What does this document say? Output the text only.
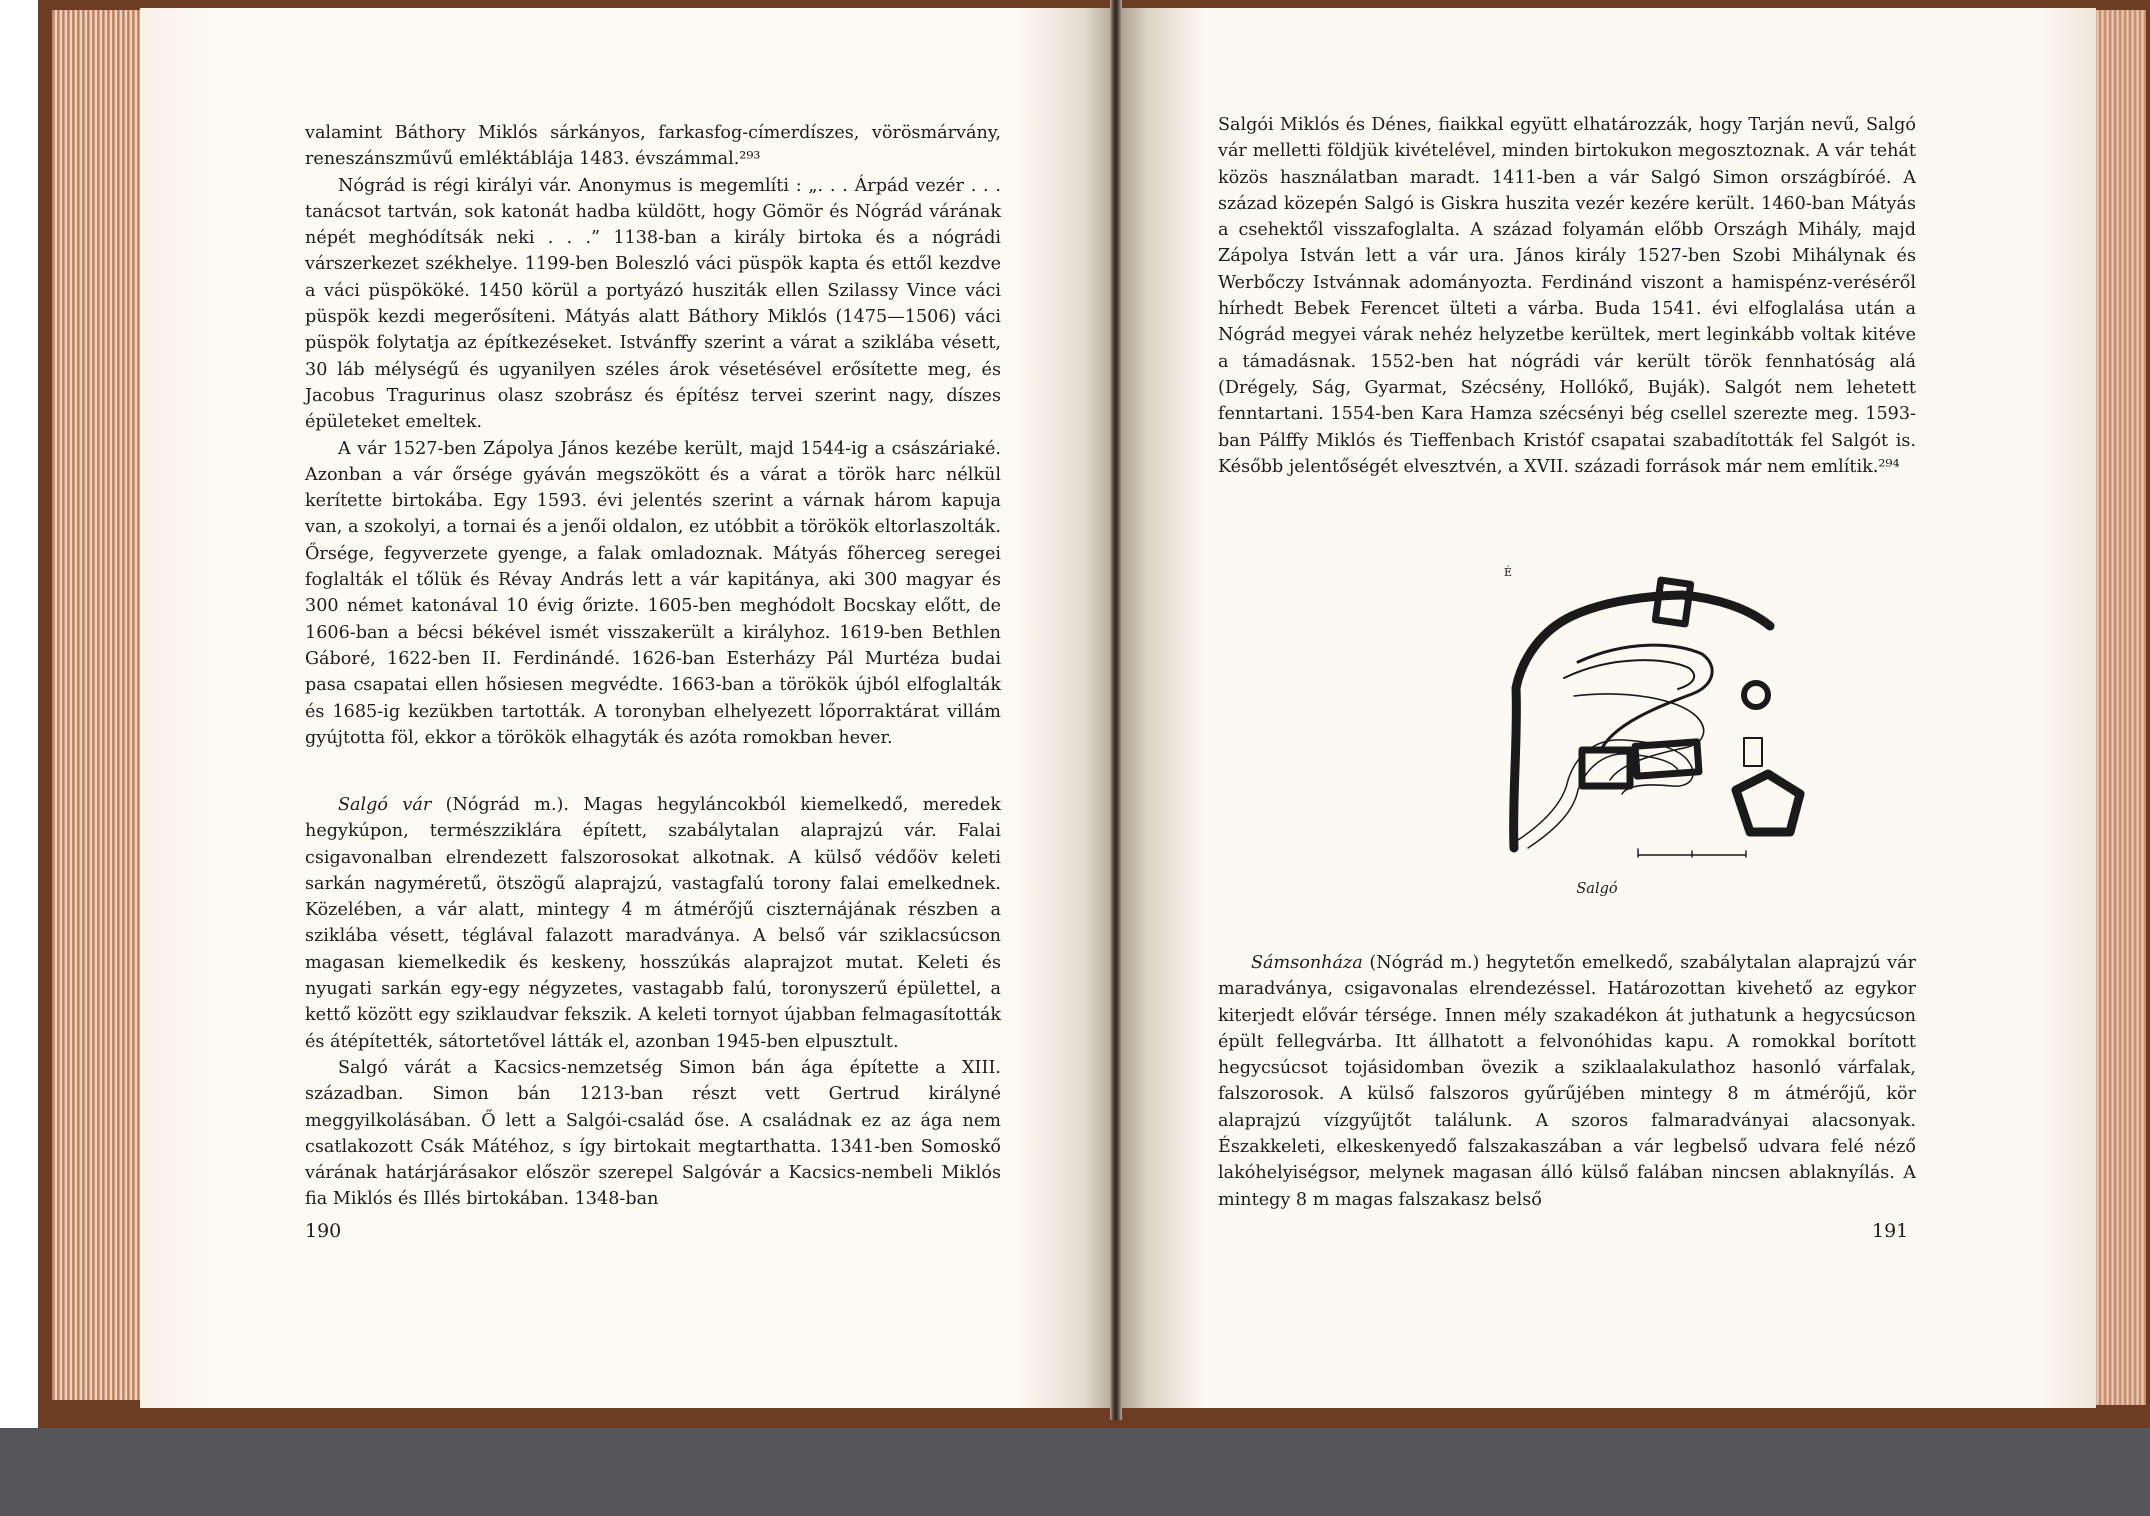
valamint Báthory Miklós sárkányos, farkasfog-címerdíszes, vörösmárvány, reneszánszművű emléktáblája 1483. évszámmal.²⁹³

Nógrád is régi királyi vár. Anonymus is megemlíti : „. . . Árpád vezér . . . tanácsot tartván, sok katonát hadba küldött, hogy Gömör és Nógrád várának népét meghódítsák neki . . .” 1138-ban a király birtoka és a nógrádi várszerkezet székhelye. 1199-ben Boleszló váci püspök kapta és ettől kezdve a váci püspököké. 1450 körül a portyázó husziták ellen Szilassy Vince váci püspök kezdi megerősíteni. Mátyás alatt Báthory Miklós (1475—1506) váci püspök folytatja az építkezéseket. Istvánffy szerint a várat a sziklába vésett, 30 láb mélységű és ugyanilyen széles árok vésetésével erősítette meg, és Jacobus Tragurinus olasz szobrász és építész tervei szerint nagy, díszes épületeket emeltek.

A vár 1527-ben Zápolya János kezébe került, majd 1544-ig a császáriaké. Azonban a vár őrsége gyáván megszökött és a várat a török harc nélkül kerítette birtokába. Egy 1593. évi jelentés szerint a várnak három kapuja van, a szokolyi, a tornai és a jenői oldalon, ez utóbbit a törökök eltorlaszolták. Őrsége, fegyverzete gyenge, a falak omladoznak. Mátyás főherceg seregei foglalták el tőlük és Révay András lett a vár kapitánya, aki 300 magyar és 300 német katonával 10 évig őrizte. 1605-ben meghódolt Bocskay előtt, de 1606-ban a bécsi békével ismét visszakerült a királyhoz. 1619-ben Bethlen Gáboré, 1622-ben II. Ferdinándé. 1626-ban Esterházy Pál Murtéza budai pasa csapatai ellen hősiesen megvédte. 1663-ban a törökök újból elfoglalták és 1685-ig kezükben tartották. A toronyban elhelyezett lőporraktárat villám gyújtotta föl, ekkor a törökök elhagyták és azóta romokban hever.

Salgó vár (Nógrád m.). Magas hegyláncokból kiemelkedő, meredek hegykúpon, természziklára épített, szabálytalan alaprajzú vár. Falai csigavonalban elrendezett falszorosokat alkotnak. A külső védőöv keleti sarkán nagyméretű, ötszögű alaprajzú, vastagfalú torony falai emelkednek. Közelében, a vár alatt, mintegy 4 m átmérőjű ciszternájának részben a sziklába vésett, téglával falazott maradványa. A belső vár sziklacsúcson magasan kiemelkedik és keskeny, hosszúkás alaprajzot mutat. Keleti és nyugati sarkán egy-egy négyzetes, vastagabb falú, toronyszerű épülettel, a kettő között egy sziklaudvar fekszik. A keleti tornyot újabban felmagasították és átépítették, sátortetővel látták el, azonban 1945-ben elpusztult.

Salgó várát a Kacsics-nemzetség Simon bán ága építette a XIII. században. Simon bán 1213-ban részt vett Gertrud királyné meggyilkolásában. Ő lett a Salgói-család őse. A családnak ez az ága nem csatlakozott Csák Mátéhoz, s így birtokait megtarthatta. 1341-ben Somoskő várának határjárásakor először szerepel Salgóvár a Kacsics-nembeli Miklós fia Miklós és Illés birtokában. 1348-ban

190

Salgói Miklós és Dénes, fiaikkal együtt elhatározzák, hogy Tarján nevű, Salgó vár melletti földjük kivételével, minden birtokukon megosztoznak. A vár tehát közös használatban maradt. 1411-ben a vár Salgó Simon országbíróé. A század közepén Salgó is Giskra huszita vezér kezére került. 1460-ban Mátyás a csehektől visszafoglalta. A század folyamán előbb Országh Mihály, majd Zápolya István lett a vár ura. János király 1527-ben Szobi Mihálynak és Werbőczy Istvánnak adományozta. Ferdinánd viszont a hamispénz-veréséről hírhedt Bebek Ferencet ülteti a várba. Buda 1541. évi elfoglalása után a Nógrád megyei várak nehéz helyzetbe kerültek, mert leginkább voltak kitéve a támadásnak. 1552-ben hat nógrádi vár került török fennhatóság alá (Drégely, Ság, Gyarmat, Szécsény, Hollókő, Buják). Salgót nem lehetett fenntartani. 1554-ben Kara Hamza szécsényi bég csellel szerezte meg. 1593-ban Pálffy Miklós és Tieffenbach Kristóf csapatai szabadították fel Salgót is. Később jelentőségét elvesztvén, a XVII. századi források már nem említik.²⁹⁴

É
Salgó

Sámsonháza (Nógrád m.) hegytetőn emelkedő, szabálytalan alaprajzú vár maradványa, csigavonalas elrendezéssel. Határozottan kivehető az egykor kiterjedt elővár térsége. Innen mély szakadékon át juthatunk a hegycsúcson épült fellegvárba. Itt állhatott a felvonóhidas kapu. A romokkal borított hegycsúcsot tojásidomban övezik a sziklaalakulathoz hasonló várfalak, falszorosok. A külső falszoros gyűrűjében mintegy 8 m átmérőjű, kör alaprajzú vízgyűjtőt találunk. A szoros falmaradványai alacsonyak. Északkeleti, elkeskenyedő falszakaszában a vár legbelső udvara felé néző lakóhelyiségsor, melynek magasan álló külső falában nincsen ablaknyílás. A mintegy 8 m magas falszakasz belső

191
